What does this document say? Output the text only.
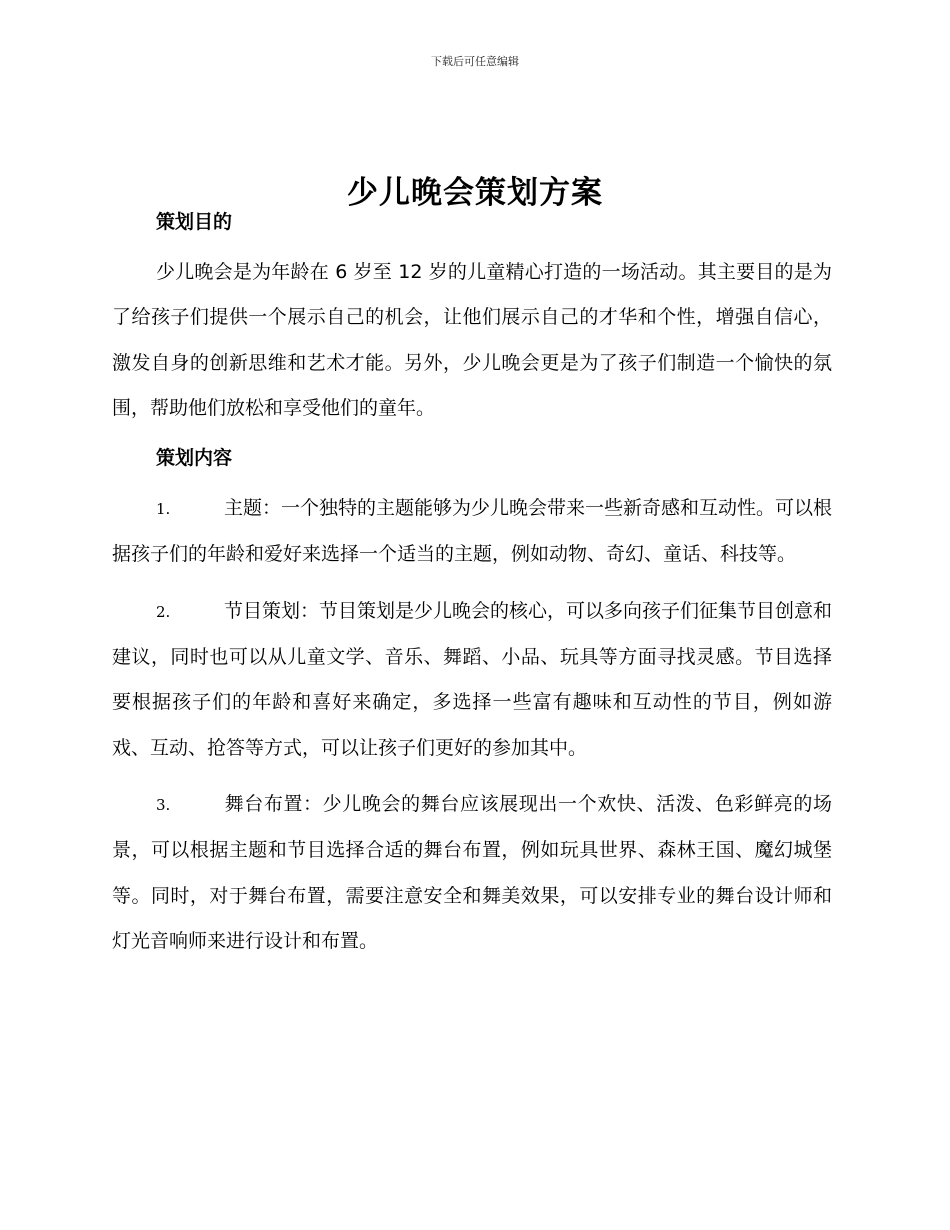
下载后可任意编辑
少儿晚会策划方案
策划目的

少儿晚会是为年龄在 6 岁至 12 岁的儿童精心打造的一场活动。其主要目的是为了给孩子们提供一个展示自己的机会，让他们展示自己的才华和个性，增强自信心，激发自身的创新思维和艺术才能。另外，少儿晚会更是为了孩子们制造一个愉快的氛围，帮助他们放松和享受他们的童年。

策划内容
1.	主题：一个独特的主题能够为少儿晚会带来一些新奇感和互动性。可以根据孩子们的年龄和爱好来选择一个适当的主题，例如动物、奇幻、童话、科技等。
2.	节目策划：节目策划是少儿晚会的核心，可以多向孩子们征集节目创意和建议，同时也可以从儿童文学、音乐、舞蹈、小品、玩具等方面寻找灵感。节目选择要根据孩子们的年龄和喜好来确定，多选择一些富有趣味和互动性的节目，例如游戏、互动、抢答等方式，可以让孩子们更好的参加其中。
3.	舞台布置：少儿晚会的舞台应该展现出一个欢快、活泼、色彩鲜亮的场景，可以根据主题和节目选择合适的舞台布置，例如玩具世界、森林王国、魔幻城堡等。同时，对于舞台布置，需要注意安全和舞美效果，可以安排专业的舞台设计师和灯光音响师来进行设计和布置。
